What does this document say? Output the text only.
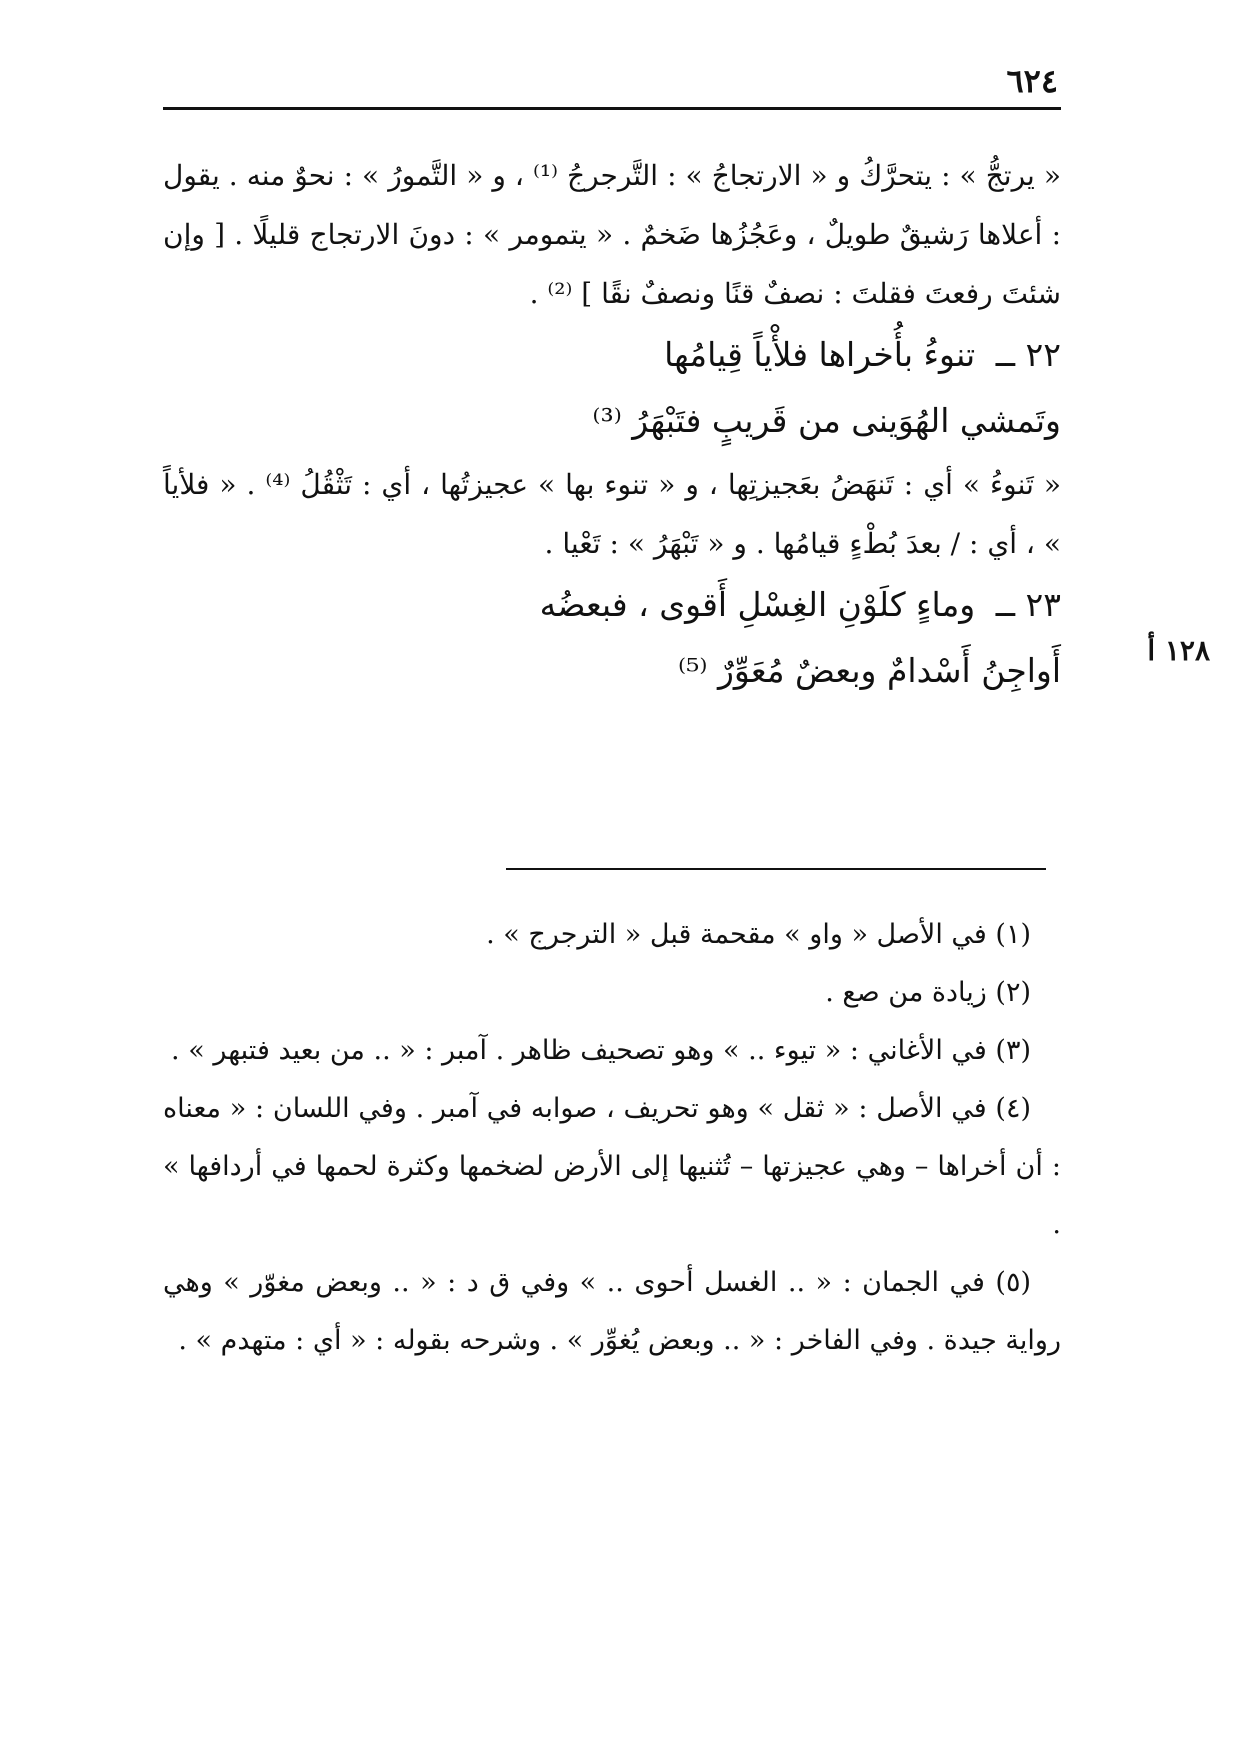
٦٢٤
١٢٨ أ

« يرتجُّ » : يتحرَّكُ و « الارتجاجُ » : التَّرجرجُ ⁽¹⁾ ، و « التَّمورُ » : نحوٌ منه . يقول : أعلاها رَشيقٌ طويلٌ ، وعَجُزُها ضَخمٌ . « يتمومر » : دونَ الارتجاج قليلًا . [ وإن شئتَ رفعتَ فقلتَ : نصفٌ قنًا ونصفٌ نقًا ] ⁽²⁾ .

٢٢ ــ تنوءُ بأُخراها فلأْياً قِيامُها

وتَمشي الهُوَينى من قَريبٍ فتَبْهَرُ ⁽³⁾

« تَنوءُ » أي : تَنهَضُ بعَجيزتِها ، و « تنوء بها » عجيزتُها ، أي : تَثْقُلُ ⁽⁴⁾ . « فلأياً » ، أي : / بعدَ بُطْءٍ قيامُها . و « تَبْهَرُ » : تَعْيا .

٢٣ ــ وماءٍ كلَوْنِ الغِسْلِ أَقوى ، فبعضُه

أَواجِنُ أَسْدامٌ وبعضٌ مُعَوِّرٌ ⁽⁵⁾

(١) في الأصل « واو » مقحمة قبل « الترجرج » .

(٢) زيادة من صع .

(٣) في الأغاني : « تيوء .. » وهو تصحيف ظاهر . آمبر : « .. من بعيد فتبهر » .

(٤) في الأصل : « ثقل » وهو تحريف ، صوابه في آمبر . وفي اللسان : « معناه : أن أخراها – وهي عجيزتها – تُثنيها إلى الأرض لضخمها وكثرة لحمها في أردافها » .

(٥) في الجمان : « .. الغسل أحوى .. » وفي ق د : « .. وبعض مغوّر » وهي رواية جيدة . وفي الفاخر : « .. وبعض يُغوِّر » . وشرحه بقوله : « أي : متهدم » .
